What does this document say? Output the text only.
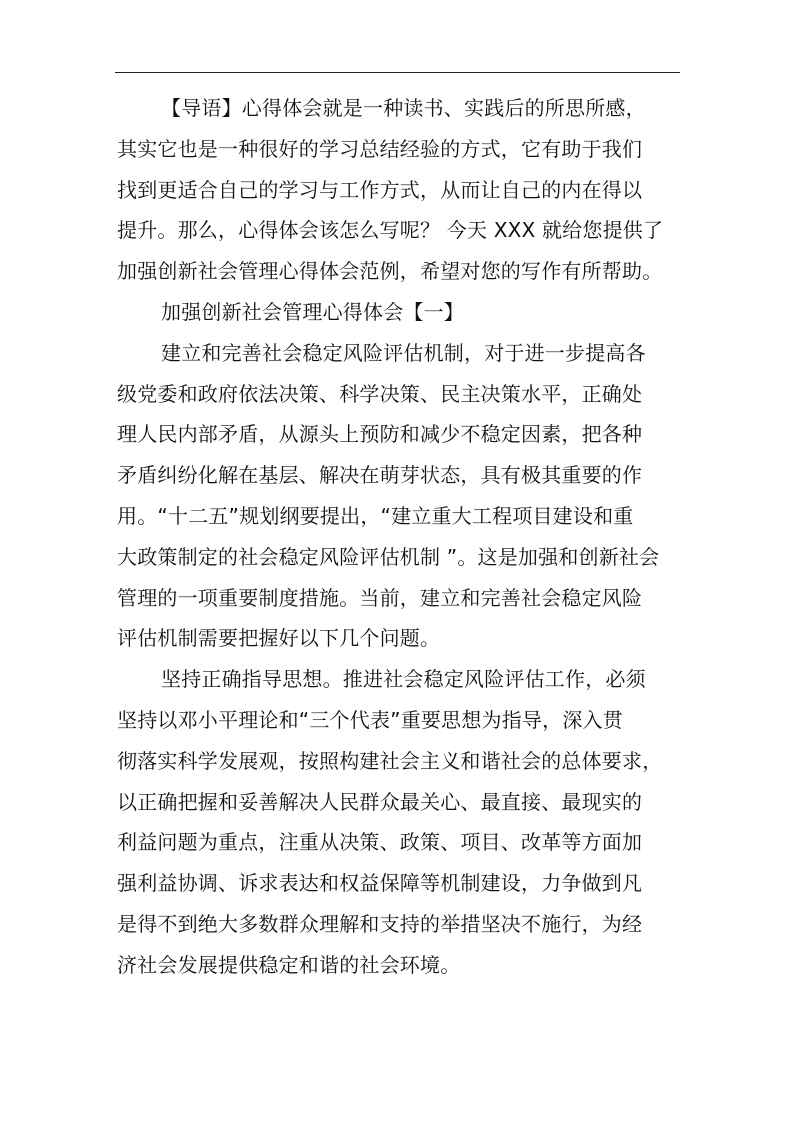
【导语】心得体会就是一种读书、实践后的所思所感，
其实它也是一种很好的学习总结经验的方式，它有助于我们
找到更适合自己的学习与工作方式，从而让自己的内在得以
提升。那么，心得体会该怎么写呢？ 今天 XXX 就给您提供了
加强创新社会管理心得体会范例，希望对您的写作有所帮助。
加强创新社会管理心得体会【一】
建立和完善社会稳定风险评估机制，对于进一步提高各
级党委和政府依法决策、科学决策、民主决策水平，正确处
理人民内部矛盾，从源头上预防和减少不稳定因素，把各种
矛盾纠纷化解在基层、解决在萌芽状态，具有极其重要的作
用。“十二五”规划纲要提出，“建立重大工程项目建设和重
大政策制定的社会稳定风险评估机制 ”。这是加强和创新社会
管理的一项重要制度措施。当前，建立和完善社会稳定风险
评估机制需要把握好以下几个问题。
坚持正确指导思想。推进社会稳定风险评估工作，必须
坚持以邓小平理论和“三个代表”重要思想为指导，深入贯
彻落实科学发展观，按照构建社会主义和谐社会的总体要求，
以正确把握和妥善解决人民群众最关心、最直接、最现实的
利益问题为重点，注重从决策、政策、项目、改革等方面加
强利益协调、诉求表达和权益保障等机制建设，力争做到凡
是得不到绝大多数群众理解和支持的举措坚决不施行，为经
济社会发展提供稳定和谐的社会环境。
